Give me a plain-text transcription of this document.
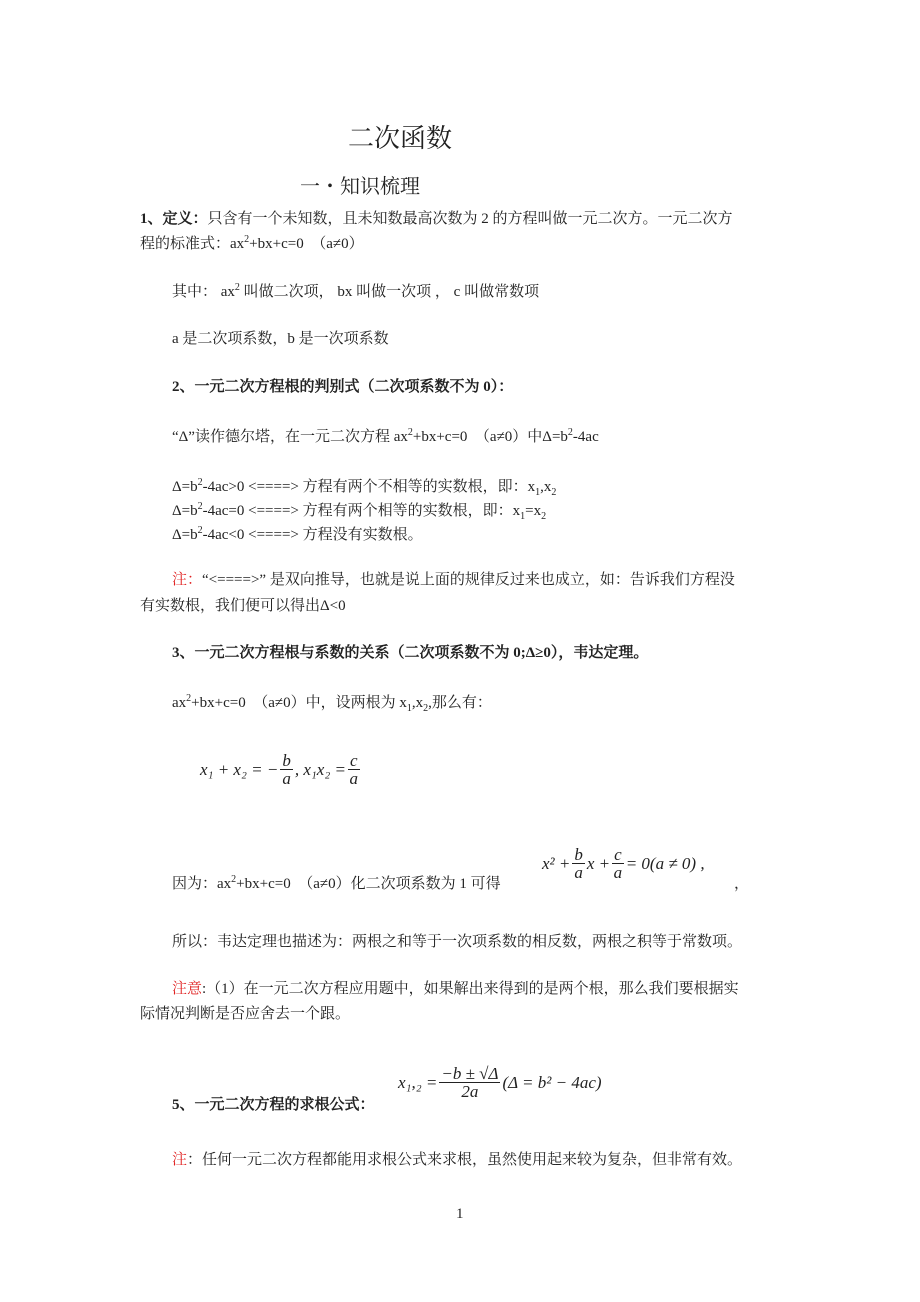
二次函数
一・知识梳理
1、定义：只含有一个未知数，且未知数最高次数为 2 的方程叫做一元二次方。一元二次方
程的标准式：$ax^2+bx+c=0$　（a≠0）
其中： $ax^2$ 叫做二次项， bx 叫做一次项 ， c 叫做常数项
a 是二次项系数，b 是一次项系数
2、一元二次方程根的判别式（二次项系数不为 0）：
“Δ”读作德尔塔，在一元二次方程 $ax^2+bx+c=0$　（a≠0）中$\Delta=b^2-4ac$
$\Delta=b^2-4ac>0$ <====> 方程有两个不相等的实数根，即：$x_1,x_2$
$\Delta=b^2-4ac=0$ <====> 方程有两个相等的实数根，即：$x_1=x_2$
$\Delta=b^2-4ac<0$ <====> 方程没有实数根。
注：“<====>” 是双向推导，也就是说上面的规律反过来也成立，如：告诉我们方程没
有实数根，我们便可以得出Δ<0
3、一元二次方程根与系数的关系（二次项系数不为 0;Δ≥0），韦达定理。
$ax^2+bx+c=0$　（a≠0）中，设两根为 $x_1,x_2$,那么有：
因为：$ax^2+bx+c=0$　（a≠0）化二次项系数为 1 可得	，
所以：韦达定理也描述为：两根之和等于一次项系数的相反数，两根之积等于常数项。
注意:（1）在一元二次方程应用题中，如果解出来得到的是两个根，那么我们要根据实
际情况判断是否应舍去一个跟。
5、一元二次方程的求根公式：
注：任何一元二次方程都能用求根公式来求根，虽然使用起来较为复杂，但非常有效。
x₁ + x₂ = − $\frac{b}{a}$ , $x_1x_2 = \frac{c}{a}$
$x^2 + \frac{b}{a}$ $x + \frac{c}{a} = 0(a \ne 0)$ ,
$x_1,_2 = \frac{-b \pm √\Delta}{2a} (\Delta = b^2 - 4ac)$
1
